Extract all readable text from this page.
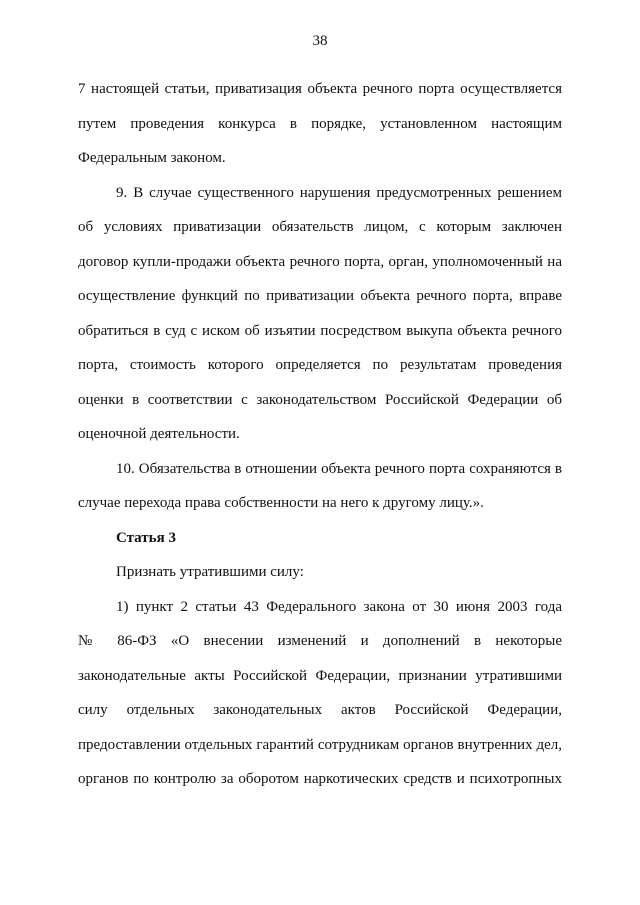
38
7 настоящей статьи, приватизация объекта речного порта осуществляется
путем проведения конкурса в порядке, установленном настоящим
Федеральным законом.
9. В случае существенного нарушения предусмотренных решением
об условиях приватизации обязательств лицом, с которым заключен
договор купли-продажи объекта речного порта, орган, уполномоченный на
осуществление функций по приватизации объекта речного порта, вправе
обратиться в суд с иском об изъятии посредством выкупа объекта речного
порта, стоимость которого определяется по результатам проведения
оценки в соответствии с законодательством Российской Федерации об
оценочной деятельности.
10. Обязательства в отношении объекта речного порта сохраняются в
случае перехода права собственности на него к другому лицу.».
Статья 3
Признать утратившими силу:
1) пункт 2 статьи 43 Федерального закона от 30 июня 2003 года
№ 86-ФЗ «О внесении изменений и дополнений в некоторые
законодательные акты Российской Федерации, признании утратившими
силу отдельных законодательных актов Российской Федерации,
предоставлении отдельных гарантий сотрудникам органов внутренних дел,
органов по контролю за оборотом наркотических средств и психотропных
